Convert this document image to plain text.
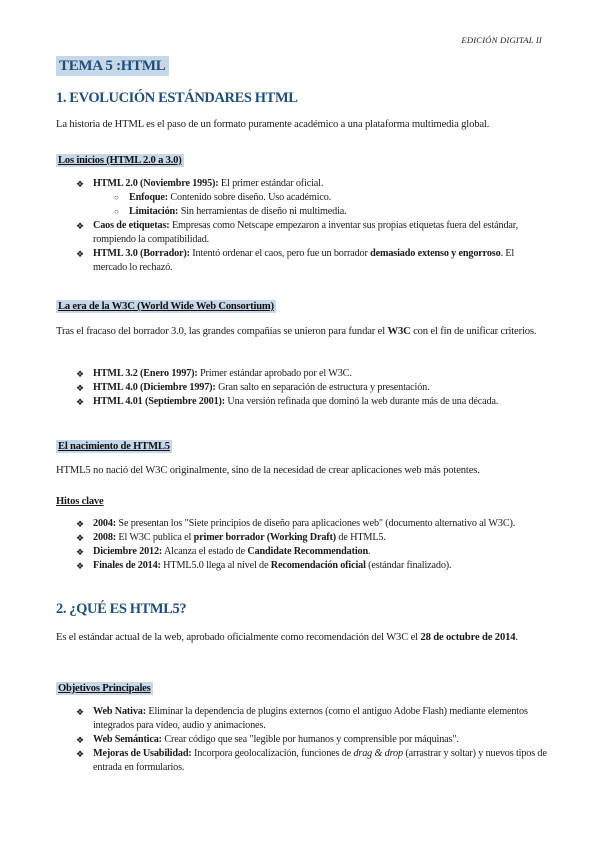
EDICIÓN DIGITAL II
TEMA 5 :HTML
1. EVOLUCIÓN ESTÁNDARES HTML

La historia de HTML es el paso de un formato puramente académico a una plataforma multimedia global.

Los inicios (HTML 2.0 a 3.0)
❖ HTML 2.0 (Noviembre 1995): El primer estándar oficial.
○ Enfoque: Contenido sobre diseño. Uso académico.
○ Limitación: Sin herramientas de diseño ni multimedia.
❖ Caos de etiquetas: Empresas como Netscape empezaron a inventar sus propias etiquetas fuera del estándar, rompiendo la compatibilidad.
❖ HTML 3.0 (Borrador): Intentó ordenar el caos, pero fue un borrador demasiado extenso y engorroso. El mercado lo rechazó.
La era de la W3C (World Wide Web Consortium)

Tras el fracaso del borrador 3.0, las grandes compañías se unieron para fundar el W3C con el fin de unificar criterios.

❖ HTML 3.2 (Enero 1997): Primer estándar aprobado por el W3C.
❖ HTML 4.0 (Diciembre 1997): Gran salto en separación de estructura y presentación.
❖ HTML 4.01 (Septiembre 2001): Una versión refinada que dominó la web durante más de una década.
El nacimiento de HTML5

HTML5 no nació del W3C originalmente, sino de la necesidad de crear aplicaciones web más potentes.

Hitos clave
❖ 2004: Se presentan los "Siete principios de diseño para aplicaciones web" (documento alternativo al W3C).
❖ 2008: El W3C publica el primer borrador (Working Draft) de HTML5.
❖ Diciembre 2012: Alcanza el estado de Candidate Recommendation.
❖ Finales de 2014: HTML5.0 llega al nivel de Recomendación oficial (estándar finalizado).
2. ¿QUÉ ES HTML5?

Es el estándar actual de la web, aprobado oficialmente como recomendación del W3C el 28 de octubre de 2014.

Objetivos Principales
❖ Web Nativa: Eliminar la dependencia de plugins externos (como el antiguo Adobe Flash) mediante elementos integrados para vídeo, audio y animaciones.
❖ Web Semántica: Crear código que sea "legible por humanos y comprensible por máquinas".
❖ Mejoras de Usabilidad: Incorpora geolocalización, funciones de drag & drop (arrastrar y soltar) y nuevos tipos de entrada en formularios.
